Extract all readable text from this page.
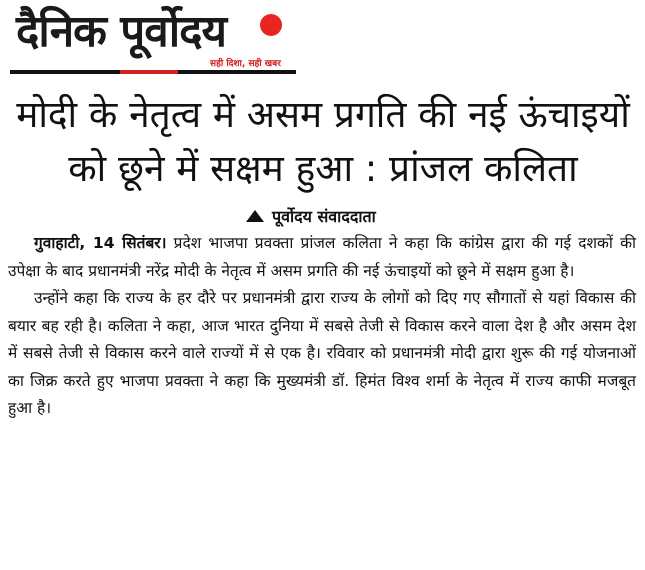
दैनिक पूर्वोदय
सही दिशा, सही खबर
मोदी के नेतृत्व में असम प्रगति की नई ऊंचाइयों को छूने में सक्षम हुआ : प्रांजल कलिता
पूर्वोदय संवाददाता

गुवाहाटी, 14 सितंबर। प्रदेश भाजपा प्रवक्ता प्रांजल कलिता ने कहा कि कांग्रेस द्वारा की गई दशकों की उपेक्षा के बाद प्रधानमंत्री नरेंद्र मोदी के नेतृत्व में असम प्रगति की नई ऊंचाइयों को छूने में सक्षम हुआ है।

उन्होंने कहा कि राज्य के हर दौरे पर प्रधानमंत्री द्वारा राज्य के लोगों को दिए गए सौगातों से यहां विकास की बयार बह रही है। कलिता ने कहा, आज भारत दुनिया में सबसे तेजी से विकास करने वाला देश है और असम देश में सबसे तेजी से विकास करने वाले राज्यों में से एक है। रविवार को प्रधानमंत्री मोदी द्वारा शुरू की गई योजनाओं का जिक्र करते हुए भाजपा प्रवक्ता ने कहा कि मुख्यमंत्री डॉ. हिमंत विश्व शर्मा के नेतृत्व में राज्य काफी मजबूत हुआ है।
